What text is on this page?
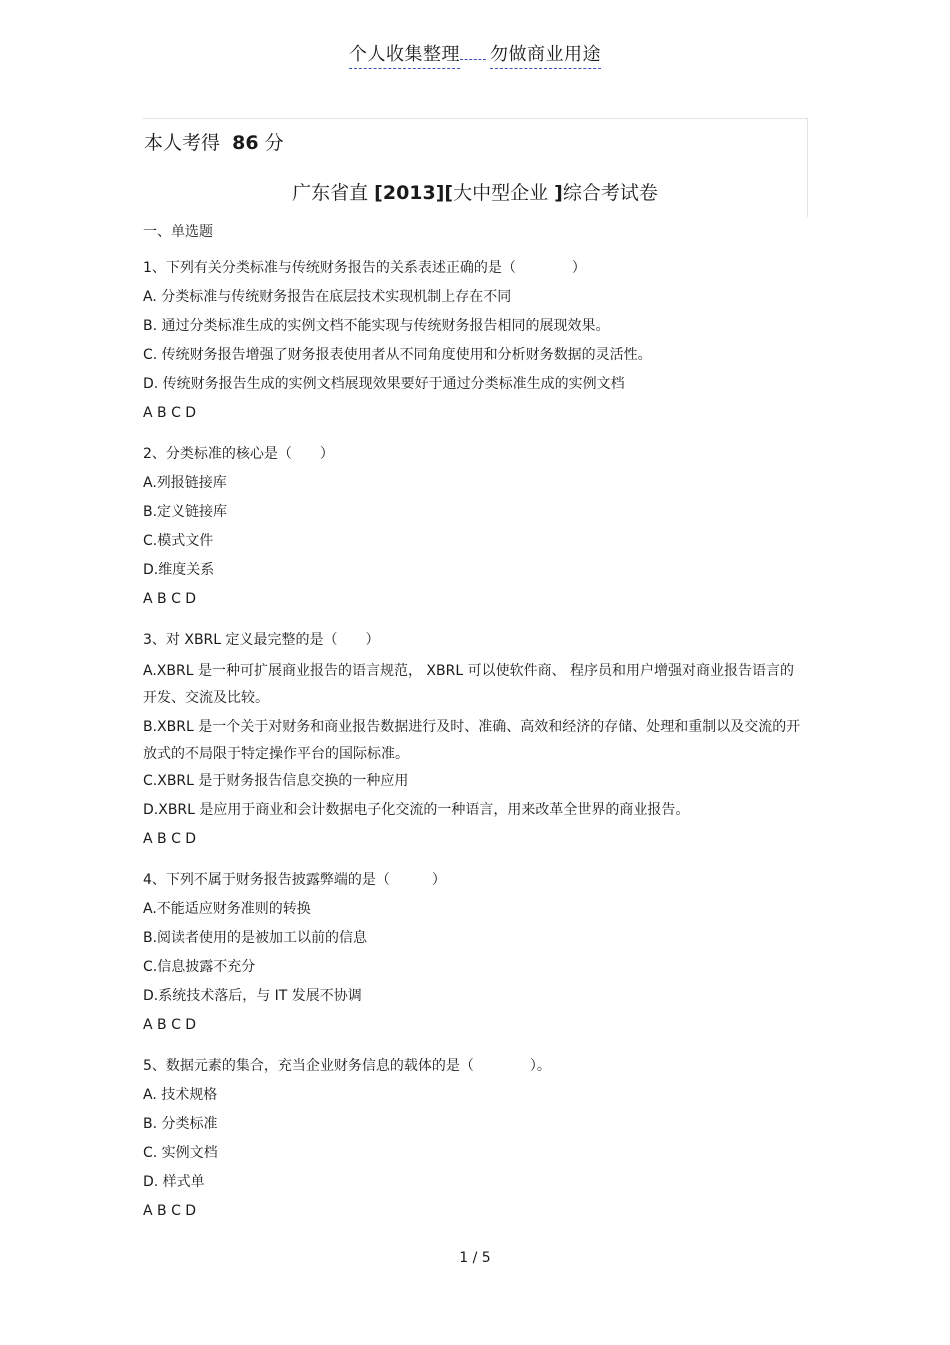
个人收集整理 勿做商业用途
本人考得 86 分
广东省直 [2013][大中型企业 ]综合考试卷
一、单选题
1、下列有关分类标准与传统财务报告的关系表述正确的是（　　　　）
A. 分类标准与传统财务报告在底层技术实现机制上存在不同
B. 通过分类标准生成的实例文档不能实现与传统财务报告相同的展现效果。
C. 传统财务报告增强了财务报表使用者从不同角度使用和分析财务数据的灵活性。
D. 传统财务报告生成的实例文档展现效果要好于通过分类标准生成的实例文档
A B C D
2、分类标准的核心是（　　）
A.列报链接库
B.定义链接库
C.模式文件
D.维度关系
A B C D
3、对 XBRL 定义最完整的是（　　）
A.XBRL 是一种可扩展商业报告的语言规范， XBRL 可以使软件商、 程序员和用户增强对商业报告语言的开发、交流及比较。
B.XBRL 是一个关于对财务和商业报告数据进行及时、准确、高效和经济的存储、处理和重制以及交流的开放式的不局限于特定操作平台的国际标准。
C.XBRL 是于财务报告信息交换的一种应用
D.XBRL 是应用于商业和会计数据电子化交流的一种语言，用来改革全世界的商业报告。
A B C D
4、下列不属于财务报告披露弊端的是（　　　）
A.不能适应财务准则的转换
B.阅读者使用的是被加工以前的信息
C.信息披露不充分
D.系统技术落后，与 IT 发展不协调
A B C D
5、数据元素的集合，充当企业财务信息的载体的是（　　　　）。
A. 技术规格
B. 分类标准
C. 实例文档
D. 样式单
A B C D
1 / 5
